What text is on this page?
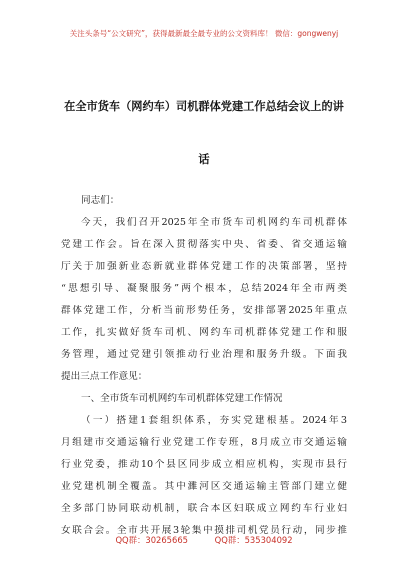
关注头条号“公文研究”，获得最新最全最专业的公文资料库！ 微信：gongwenyj
在全市货车（网约车）司机群体党建工作总结会议上的讲
话
同志们：
今天，我们召开2025年全市货车司机网约车司机群体
党建工作会。旨在深入贯彻落实中央、省委、省交通运输
厅关于加强新业态新就业群体党建工作的决策部署，坚持
“思想引导、凝聚服务”两个根本，总结2024年全市两类
群体党建工作，分析当前形势任务，安排部署2025年重点
工作，扎实做好货车司机、网约车司机群体党建工作和服
务管理，通过党建引领推动行业治理和服务升级。下面我
提出三点工作意见：
一、全市货车司机网约车司机群体党建工作情况
（一）搭建1套组织体系，夯实党建根基。2024年3
月组建市交通运输行业党建工作专班，8月成立市交通运输
行业党委，推动10个县区同步成立相应机构，实现市县行
业党建机制全覆盖。其中濉河区交通运输主管部门建立健
全多部门协同联动机制，联合本区妇联成立网约车行业妇
女联合会。全市共开展3轮集中摸排司机党员行动，同步推
QQ群：30265665	QQ群：535304092
